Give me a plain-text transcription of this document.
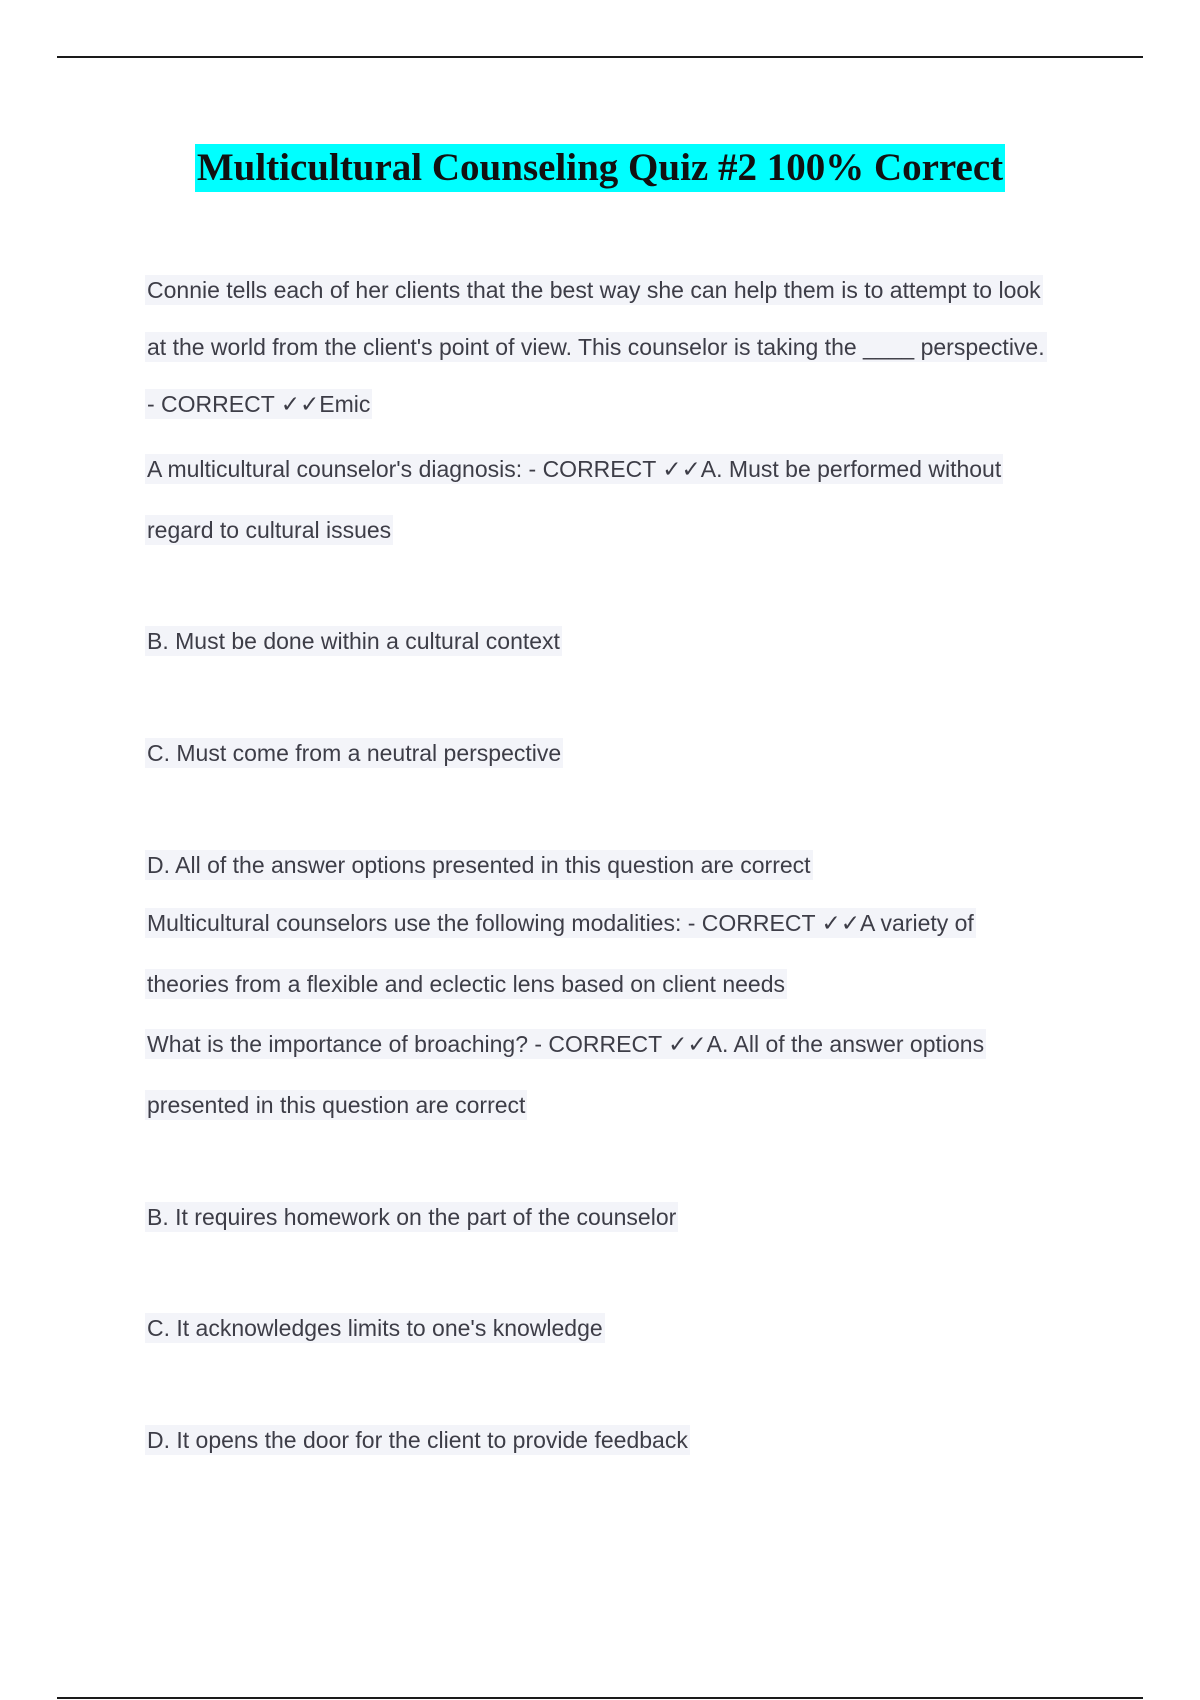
Multicultural Counseling Quiz #2 100% Correct
Connie tells each of her clients that the best way she can help them is to attempt to look
at the world from the client's point of view. This counselor is taking the ____ perspective.
- CORRECT ✓✓Emic
A multicultural counselor's diagnosis: - CORRECT ✓✓A. Must be performed without
regard to cultural issues
B. Must be done within a cultural context
C. Must come from a neutral perspective
D. All of the answer options presented in this question are correct
Multicultural counselors use the following modalities: - CORRECT ✓✓A variety of
theories from a flexible and eclectic lens based on client needs
What is the importance of broaching? - CORRECT ✓✓A. All of the answer options
presented in this question are correct
B. It requires homework on the part of the counselor
C. It acknowledges limits to one's knowledge
D. It opens the door for the client to provide feedback
